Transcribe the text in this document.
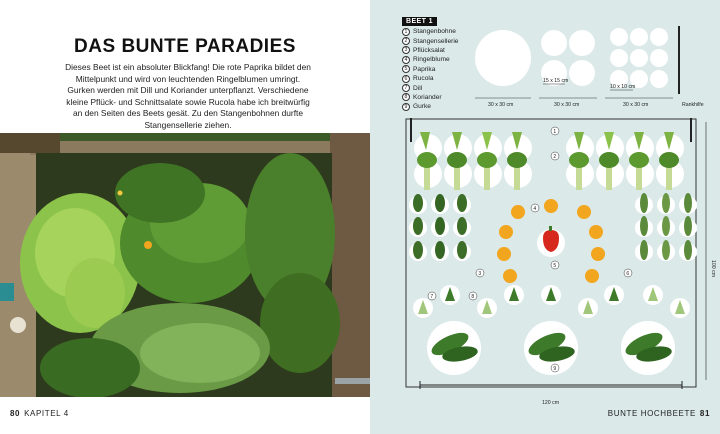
DAS BUNTE PARADIES

Dieses Beet ist ein absoluter Blickfang! Die rote Paprika bildet den Mittelpunkt und wird von leuchtenden Ringelblumen umringt. Gurken werden mit Dill und Koriander unterpflanzt. Verschiedene kleine Pflück- und Schnittsalate sowie Rucola habe ich breitwürfig an den Seiten des Beets gesät. Zu den Stangenbohnen durfte Stangensellerie ziehen.

80 KAPITEL 4
BEET 1
1 Stangenbohne
2 Stangensellerie
3 Pflücksalat
4 Ringelblume
5 Paprika
6 Rucola
7 Dill
8 Koriander
9 Gurke
15 x 15 cm
10 x 10 cm
30 x 30 cm	30 x 30 cm	30 x 30 cm	Rankhilfe
1
2
3
4
5
6
7	8
9
120 cm
100 cm
BUNTE HOCHBEETE 81
